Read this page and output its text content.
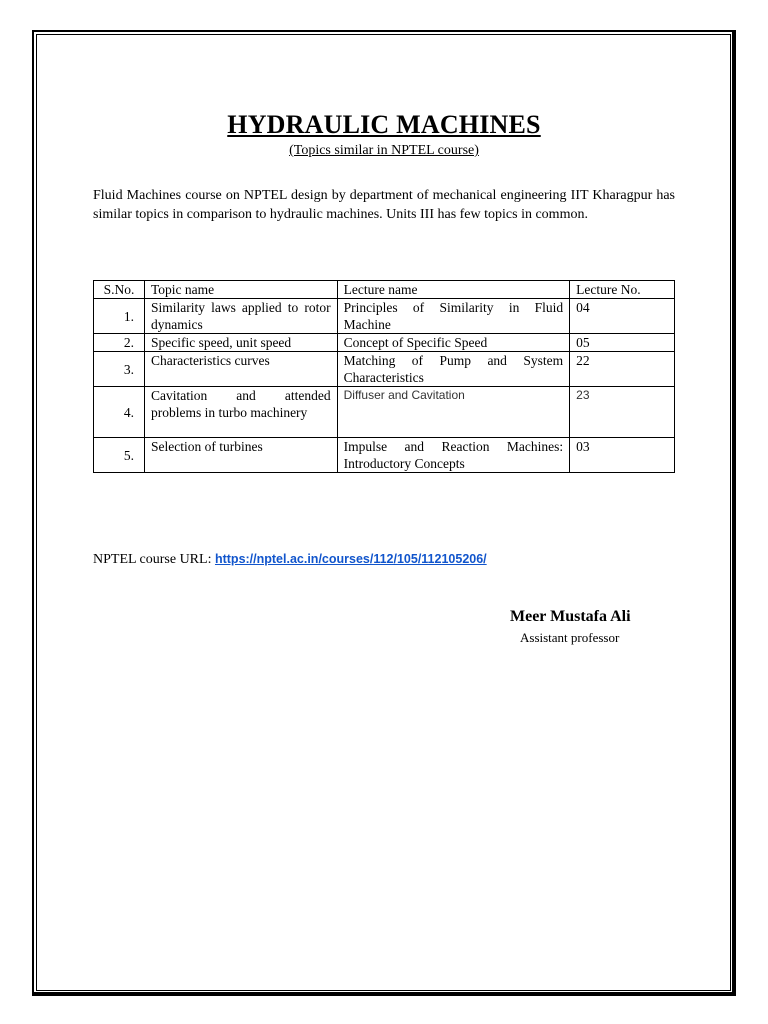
HYDRAULIC MACHINES
(Topics similar in NPTEL course)
Fluid Machines course on NPTEL design by department of mechanical engineering IIT Kharagpur has similar topics in comparison to hydraulic machines. Units III has few topics in common.
S.No.	Topic name	Lecture name	Lecture No.
1.	Similarity laws applied to rotor dynamics	Principles of Similarity in Fluid Machine	04
2.	Specific speed, unit speed	Concept of Specific Speed	05
3.	Characteristics curves	Matching of Pump and System Characteristics	22
4.	Cavitation and attended problems in turbo machinery	Diffuser and Cavitation	23
5.	Selection of turbines	Impulse and Reaction Machines: Introductory Concepts	03
NPTEL course URL: https://nptel.ac.in/courses/112/105/112105206/
Meer Mustafa Ali
Assistant professor
